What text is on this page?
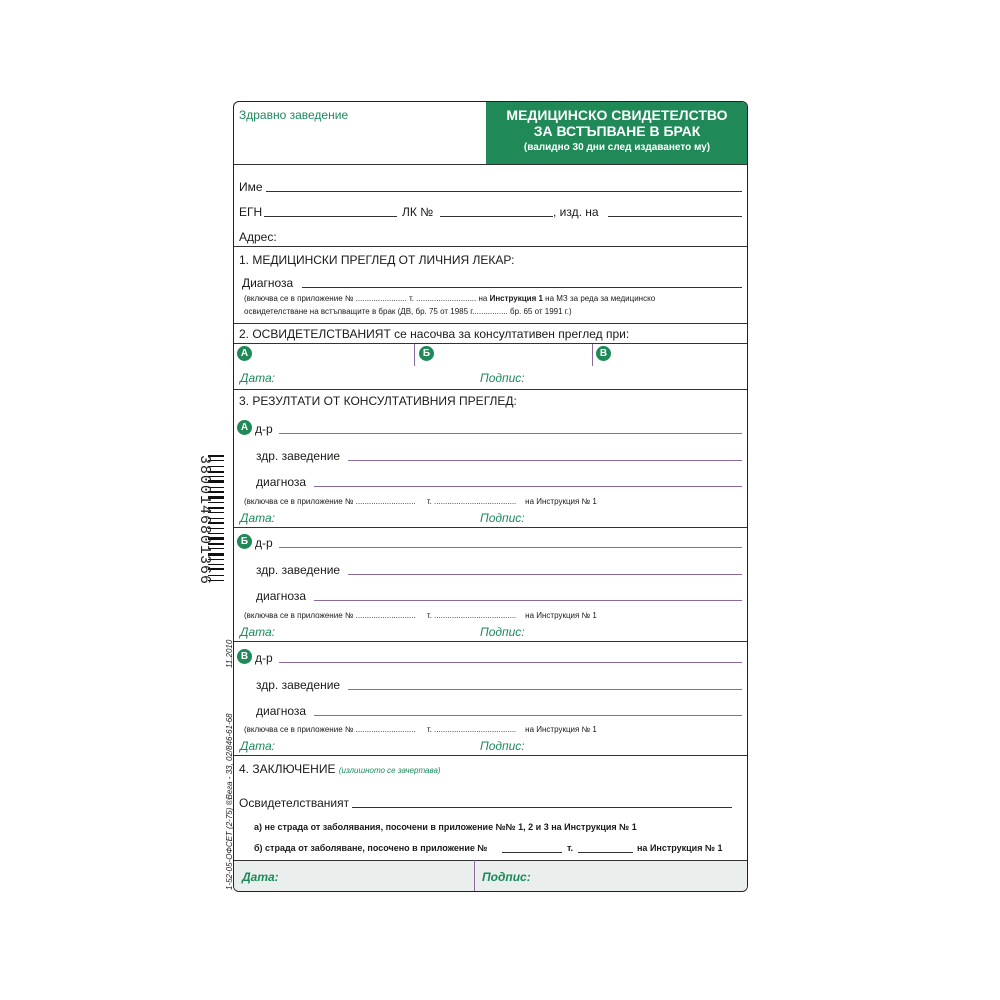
3800146801366
11.2010
1-52-05-ОФСЕТ (2-75) ®Вега - 33, 02/846-61-68
Здравно заведение	МЕДИЦИНСКО СВИДЕТЕЛСТВО
ЗА ВСТЪПВАНЕ В БРАК
(валидно 30 дни след издаването му)
Име
ЕГН	ЛК №	, изд. на
Адрес:
1. МЕДИЦИНСКИ ПРЕГЛЕД ОТ ЛИЧНИЯ ЛЕКАР:
Диагноза
(включва се в приложение № ....................... т. ........................... на Инструкция 1 на МЗ за реда за медицинско
освидетелстване на встъпващите в брак (ДВ, бр. 75 от 1985 г................ бр. 65 от 1991 г.)
2. ОСВИДЕТЕЛСТВАНИЯТ се насочва за консултативен преглед при:
А	Б	В
Дата:	Подпис:
3. РЕЗУЛТАТИ ОТ КОНСУЛТАТИВНИЯ ПРЕГЛЕД:
А д-р
здр. заведение
диагноза
(включва се в приложение № ........................... т. ..................................... на Инструкция № 1
Дата:	Подпис:
Б д-р
здр. заведение
диагноза
(включва се в приложение № ........................... т. ..................................... на Инструкция № 1
Дата:	Подпис:
В д-р
здр. заведение
диагноза
(включва се в приложение № ........................... т. ..................................... на Инструкция № 1
Дата:	Подпис:
4. ЗАКЛЮЧЕНИЕ (излишното се зачертава)
Освидетелстваният
а) не страда от заболявания, посочени в приложение №№ 1, 2 и 3 на Инструкция № 1
б) страда от заболяване, посочено в приложение №	т.	на Инструкция № 1
Дата:	Подпис:
